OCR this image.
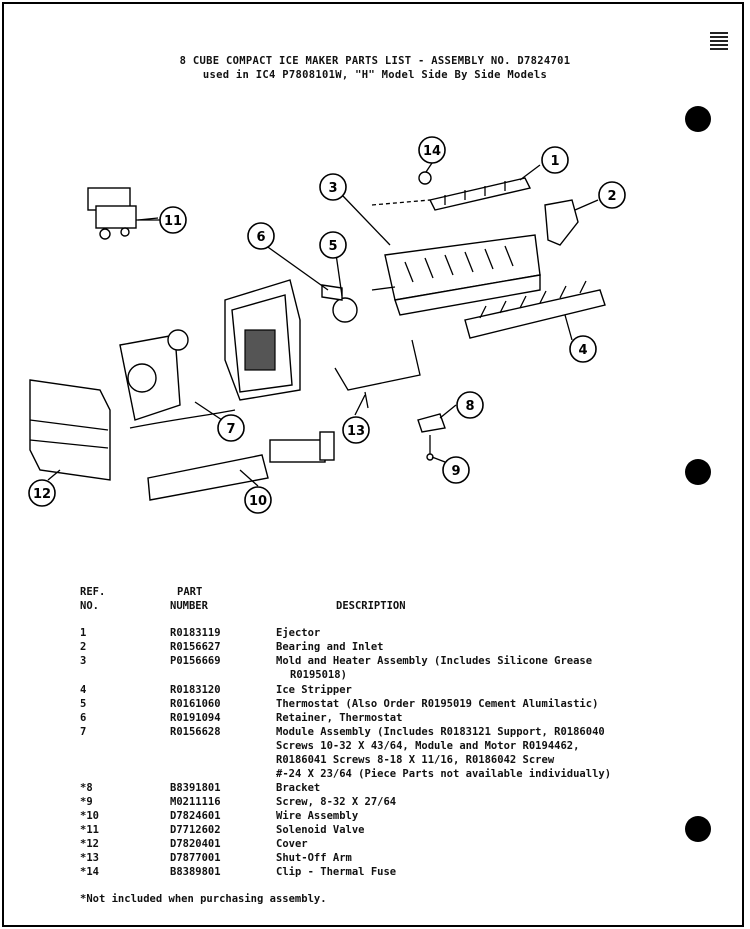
8 CUBE COMPACT ICE MAKER PARTS LIST - ASSEMBLY NO. D7824701
used in IC4 P7808101W, "H" Model Side By Side Models
1
2
3
4
5
6
7
8
9
10
11
12
13
14
REF.
NO.
PART
NUMBER	DESCRIPTION
1	R0183119	Ejector
2	R0156627	Bearing and Inlet
3	P0156669	Mold and Heater Assembly (Includes Silicone Grease
R0195018)
4	R0183120	Ice Stripper
5	R0161060	Thermostat (Also Order R0195019 Cement Alumilastic)
6	R0191094	Retainer, Thermostat
7	R0156628	Module Assembly (Includes R0183121 Support, R0186040
Screws 10-32 X 43/64, Module and Motor R0194462,
R0186041 Screws 8-18 X 11/16, R0186042 Screw
#-24 X 23/64 (Piece Parts not available individually)
*8	B8391801	Bracket
*9	M0211116	Screw, 8-32 X 27/64
*10	D7824601	Wire Assembly
*11	D7712602	Solenoid Valve
*12	D7820401	Cover
*13	D7877001	Shut-Off Arm
*14	B8389801	Clip - Thermal Fuse
*Not included when purchasing assembly.
